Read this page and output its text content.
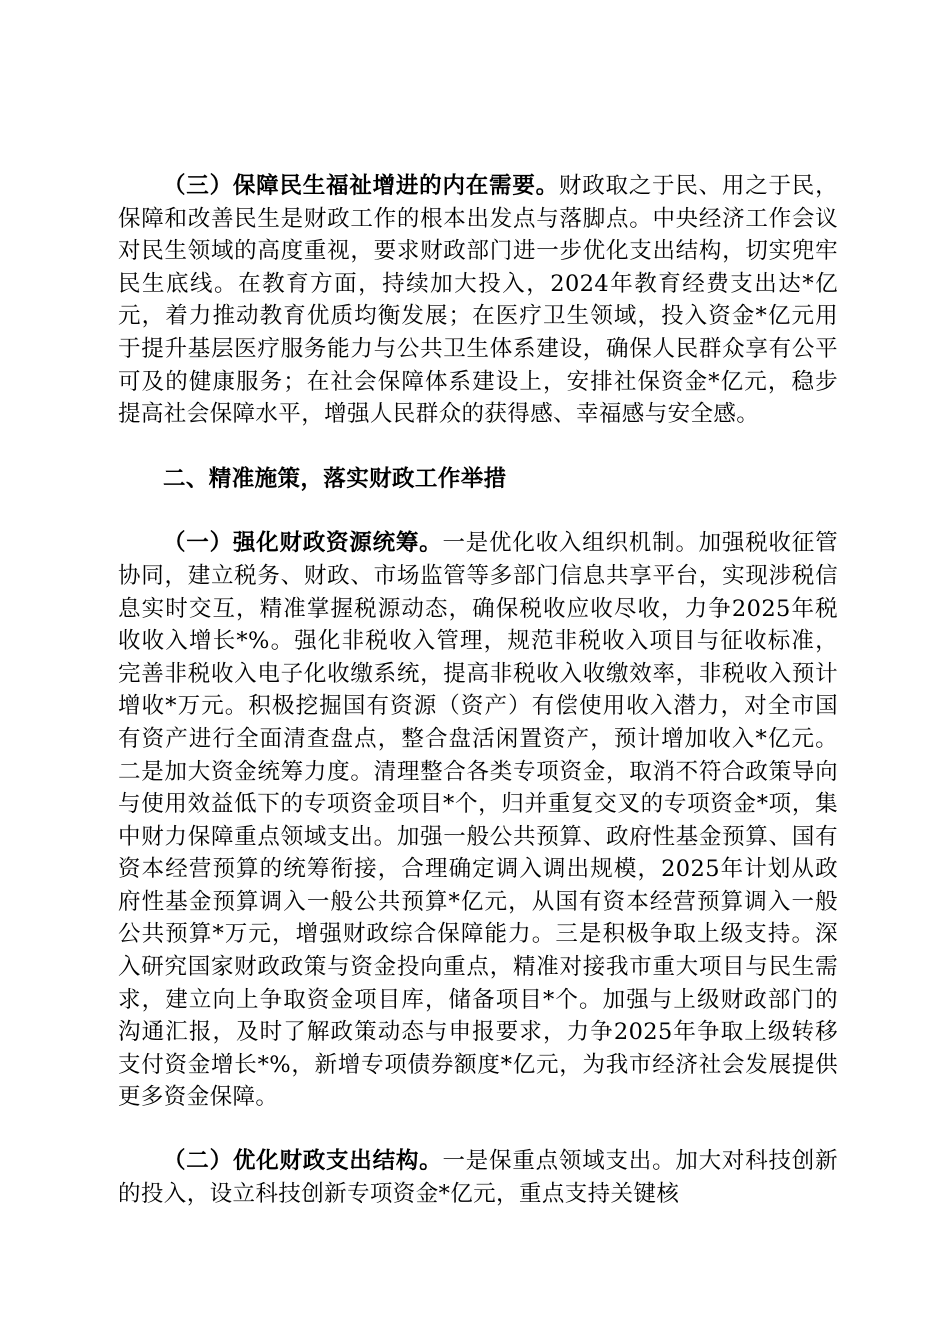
（三）保障民生福祉增进的内在需要。财政取之于民、用之于民，保障和改善民生是财政工作的根本出发点与落脚点。中央经济工作会议对民生领域的高度重视，要求财政部门进一步优化支出结构，切实兜牢民生底线。在教育方面，持续加大投入，2024年教育经费支出达*亿元，着力推动教育优质均衡发展；在医疗卫生领域，投入资金*亿元用于提升基层医疗服务能力与公共卫生体系建设，确保人民群众享有公平可及的健康服务；在社会保障体系建设上，安排社保资金*亿元，稳步提高社会保障水平，增强人民群众的获得感、幸福感与安全感。

二、精准施策，落实财政工作举措

（一）强化财政资源统筹。一是优化收入组织机制。加强税收征管协同，建立税务、财政、市场监管等多部门信息共享平台，实现涉税信息实时交互，精准掌握税源动态，确保税收应收尽收，力争2025年税收收入增长*%。强化非税收入管理，规范非税收入项目与征收标准，完善非税收入电子化收缴系统，提高非税收入收缴效率，非税收入预计增收*万元。积极挖掘国有资源（资产）有偿使用收入潜力，对全市国有资产进行全面清查盘点，整合盘活闲置资产，预计增加收入*亿元。二是加大资金统筹力度。清理整合各类专项资金，取消不符合政策导向与使用效益低下的专项资金项目*个，归并重复交叉的专项资金*项，集中财力保障重点领域支出。加强一般公共预算、政府性基金预算、国有资本经营预算的统筹衔接，合理确定调入调出规模，2025年计划从政府性基金预算调入一般公共预算*亿元，从国有资本经营预算调入一般公共预算*万元，增强财政综合保障能力。三是积极争取上级支持。深入研究国家财政政策与资金投向重点，精准对接我市重大项目与民生需求，建立向上争取资金项目库，储备项目*个。加强与上级财政部门的沟通汇报，及时了解政策动态与申报要求，力争2025年争取上级转移支付资金增长*%，新增专项债券额度*亿元，为我市经济社会发展提供更多资金保障。

（二）优化财政支出结构。一是保重点领域支出。加大对科技创新的投入，设立科技创新专项资金*亿元，重点支持关键核
